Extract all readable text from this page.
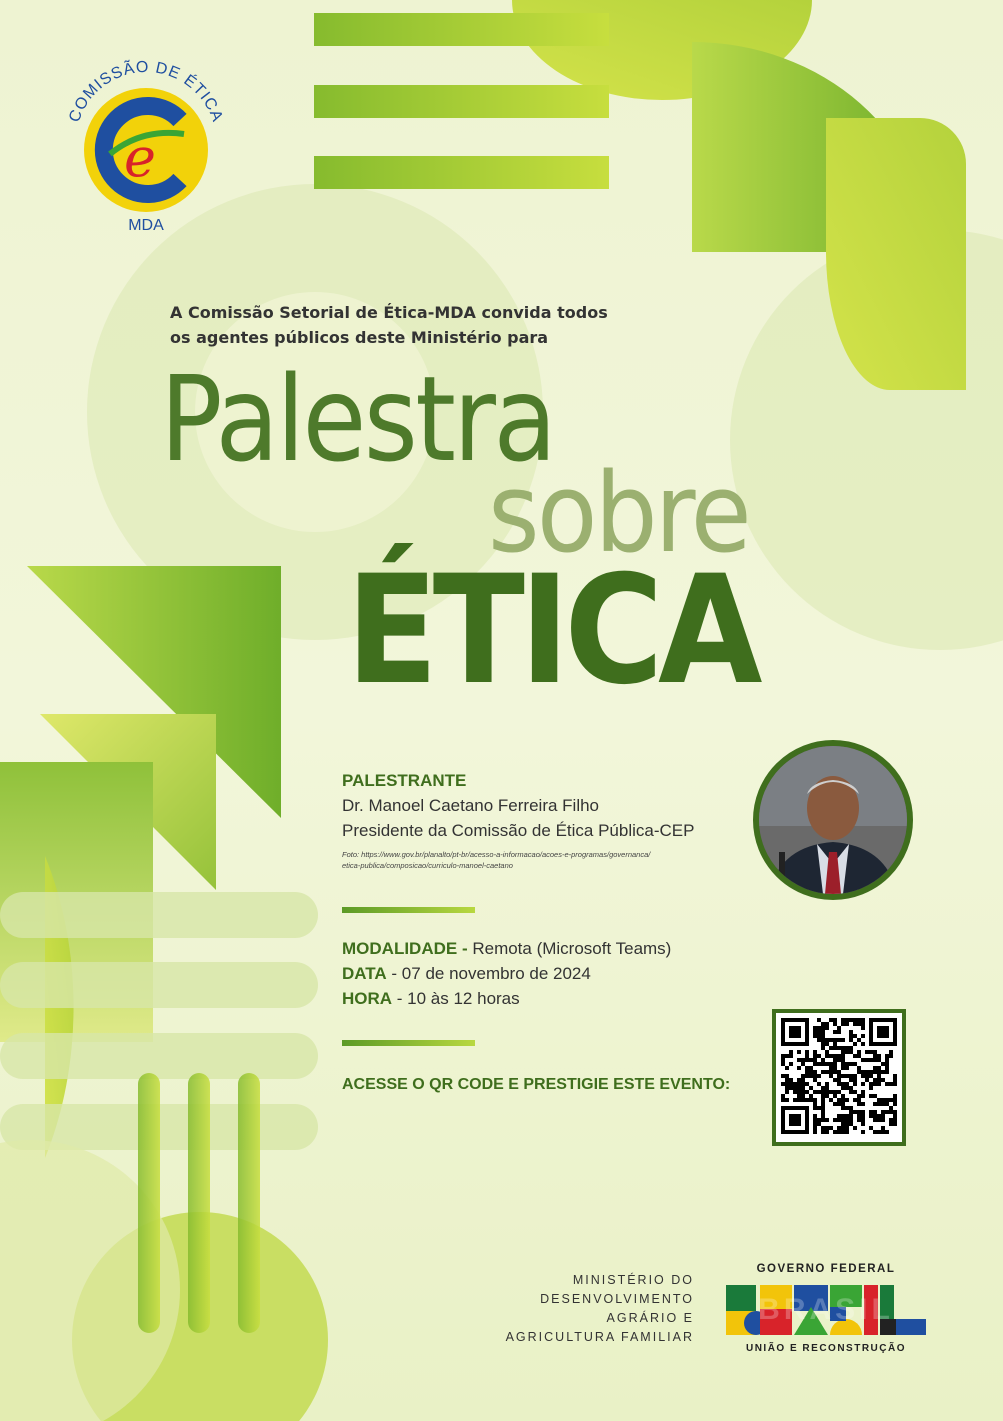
e
COMISSÃO DE ÉTICA
MDA
A Comissão Setorial de Ética-MDA convida todos
os agentes públicos deste Ministério para
Palestra
sobre
ÉTICA
PALESTRANTE
Dr. Manoel Caetano Ferreira Filho
Presidente da Comissão de Ética Pública-CEP
Foto: https://www.gov.br/planalto/pt-br/acesso-a-informacao/acoes-e-programas/governanca/
etica-publica/composicao/curriculo-manoel-caetano
MODALIDADE - Remota (Microsoft Teams)
DATA - 07 de novembro de 2024
HORA - 10 às 12 horas
ACESSE O QR CODE E PRESTIGIE ESTE EVENTO:
MINISTÉRIO DO
DESENVOLVIMENTO
AGRÁRIO E
AGRICULTURA FAMILIAR
GOVERNO FEDERAL
BRASIL
UNIÃO E RECONSTRUÇÃO
